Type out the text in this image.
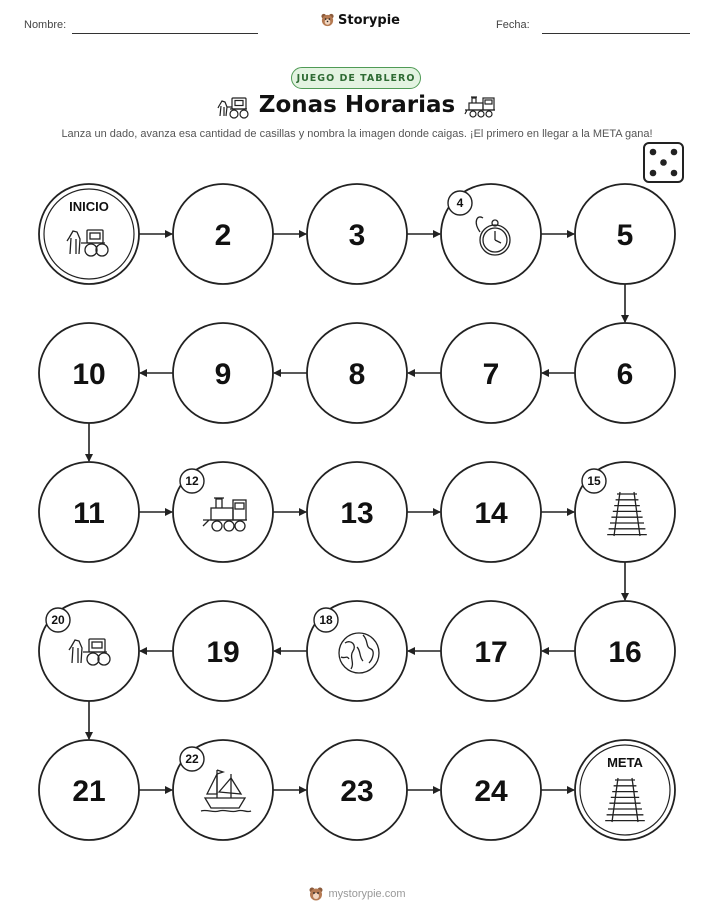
Nombre:	Storypie	Fecha:
JUEGO DE TABLERO
Zonas Horarias
Lanza un dado, avanza esa cantidad de casillas y nombra la imagen donde caigas. ¡El primero en llegar a la META gana!
INICIO
2	3
4
5
6
7
8
9
10
11
12
13	14
15
16
17
18
19
20
21
22
23	24
META
mystorypie.com
